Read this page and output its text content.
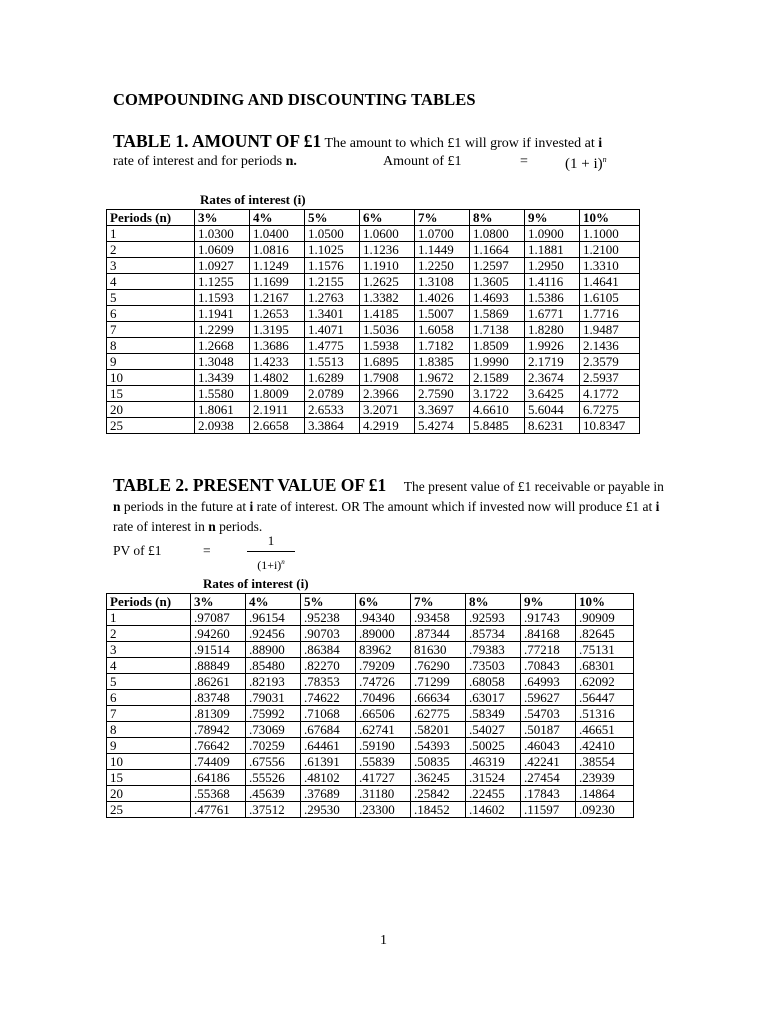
COMPOUNDING AND DISCOUNTING TABLES
TABLE 1. AMOUNT OF £1 The amount to which £1 will grow if invested at i
rate of interest and for periods n.	Amount of £1	= $(1 + i)^n$
Rates of interest (i)
Periods (n)	3%	4%	5%	6%	7%	8%	9%	10%
1	1.0300	1.0400	1.0500	1.0600	1.0700	1.0800	1.0900	1.1000
2	1.0609	1.0816	1.1025	1.1236	1.1449	1.1664	1.1881	1.2100
3	1.0927	1.1249	1.1576	1.1910	1.2250	1.2597	1.2950	1.3310
4	1.1255	1.1699	1.2155	1.2625	1.3108	1.3605	1.4116	1.4641
5	1.1593	1.2167	1.2763	1.3382	1.4026	1.4693	1.5386	1.6105
6	1.1941	1.2653	1.3401	1.4185	1.5007	1.5869	1.6771	1.7716
7	1.2299	1.3195	1.4071	1.5036	1.6058	1.7138	1.8280	1.9487
8	1.2668	1.3686	1.4775	1.5938	1.7182	1.8509	1.9926	2.1436
9	1.3048	1.4233	1.5513	1.6895	1.8385	1.9990	2.1719	2.3579
10	1.3439	1.4802	1.6289	1.7908	1.9672	2.1589	2.3674	2.5937
15	1.5580	1.8009	2.0789	2.3966	2.7590	3.1722	3.6425	4.1772
20	1.8061	2.1911	2.6533	3.2071	3.3697	4.6610	5.6044	6.7275
25	2.0938	2.6658	3.3864	4.2919	5.4274	5.8485	8.6231	10.8347
TABLE 2. PRESENT VALUE OF £1 The present value of £1 receivable or payable in n periods in the future at i rate of interest. OR The amount which if invested now will produce £1 at i rate of interest in n periods.
PV of £1	=
1
$(1+i)^n$
Rates of interest (i)
Periods (n)	3%	4%	5%	6%	7%	8%	9%	10%
1	.97087	.96154	.95238	.94340	.93458	.92593	.91743	.90909
2	.94260	.92456	.90703	.89000	.87344	.85734	.84168	.82645
3	.91514	.88900	.86384	83962	81630	.79383	.77218	.75131
4	.88849	.85480	.82270	.79209	.76290	.73503	.70843	.68301
5	.86261	.82193	.78353	.74726	.71299	.68058	.64993	.62092
6	.83748	.79031	.74622	.70496	.66634	.63017	.59627	.56447
7	.81309	.75992	.71068	.66506	.62775	.58349	.54703	.51316
8	.78942	.73069	.67684	.62741	.58201	.54027	.50187	.46651
9	.76642	.70259	.64461	.59190	.54393	.50025	.46043	.42410
10	.74409	.67556	.61391	.55839	.50835	.46319	.42241	.38554
15	.64186	.55526	.48102	.41727	.36245	.31524	.27454	.23939
20	.55368	.45639	.37689	.31180	.25842	.22455	.17843	.14864
25	.47761	.37512	.29530	.23300	.18452	.14602	.11597	.09230
1
